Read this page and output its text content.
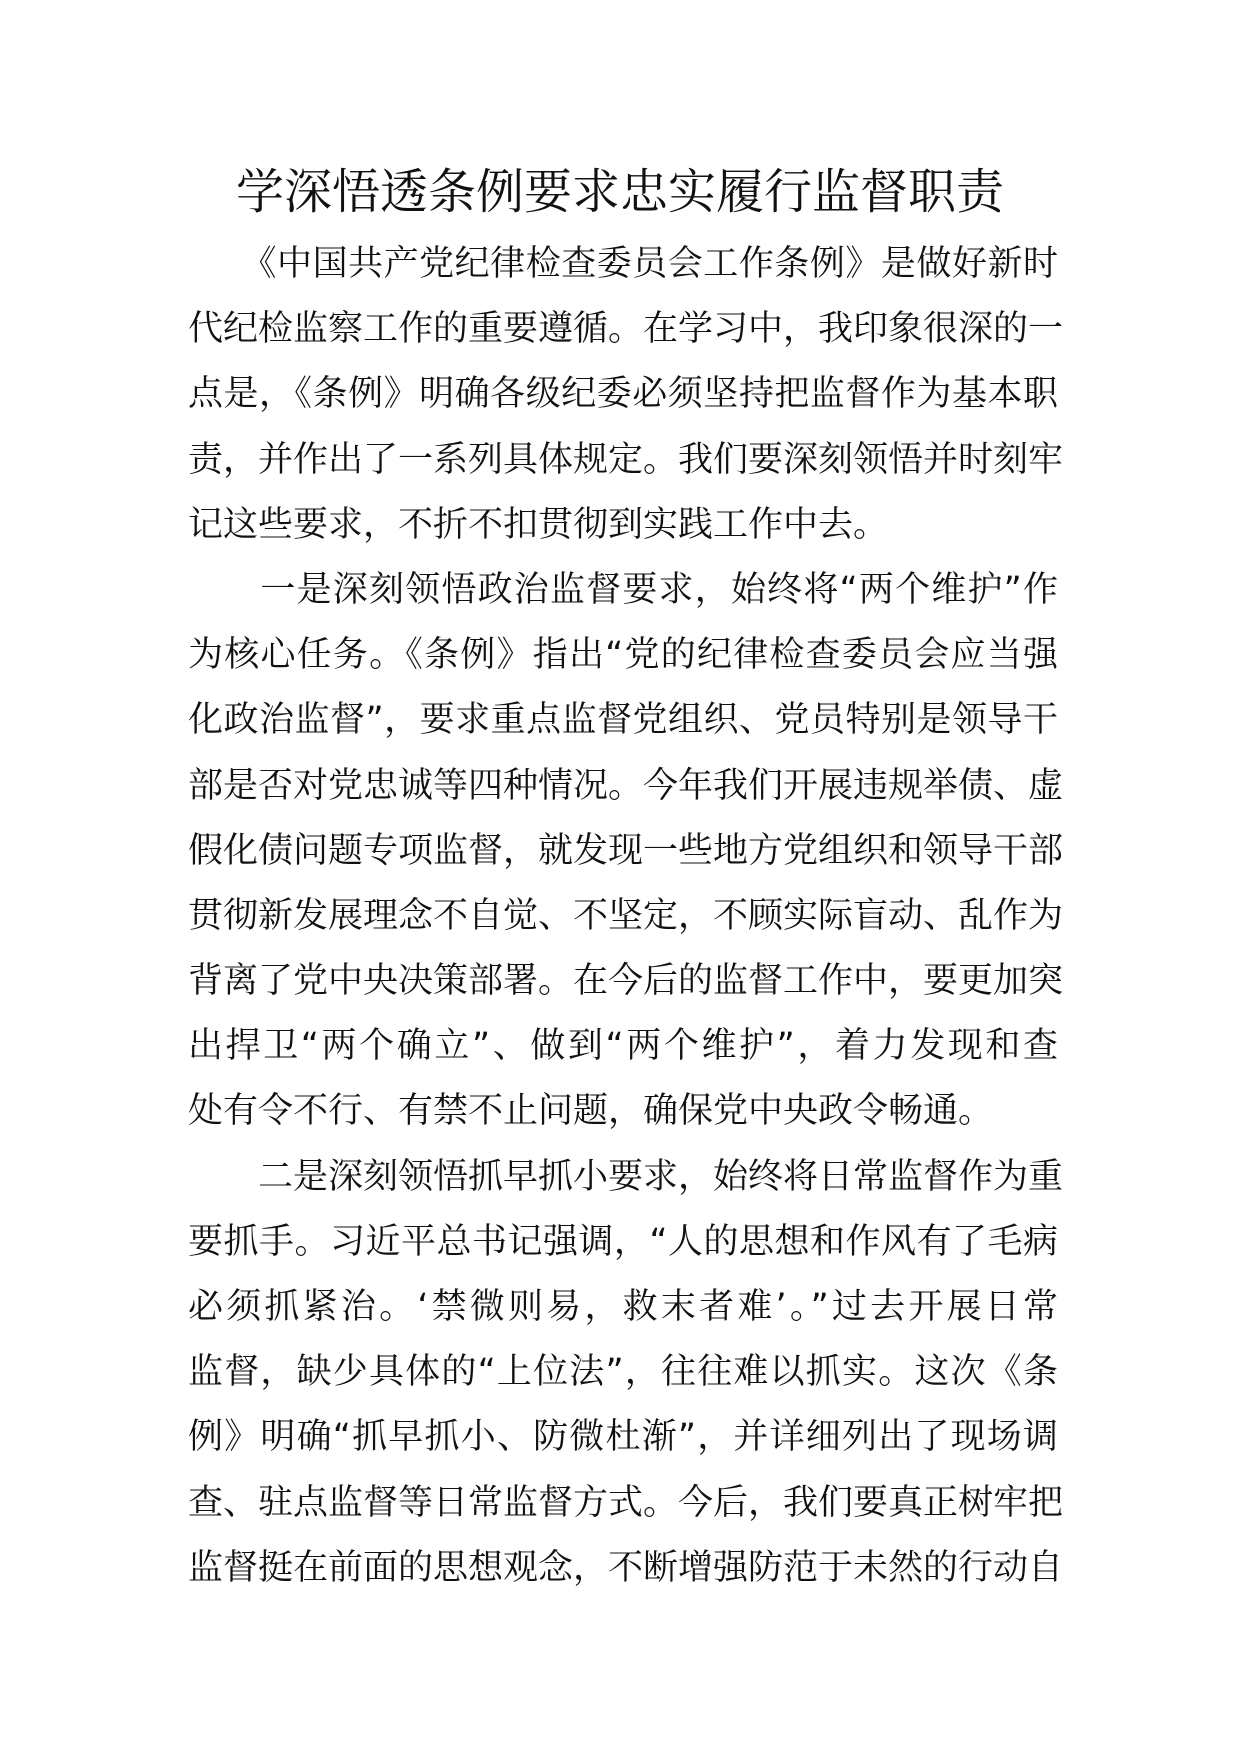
学深悟透条例要求忠实履行监督职责
　　《中国共产党纪律检查委员会工作条例》是做好新时
代纪检监察工作的重要遵循。在学习中，我印象很深的一
点是，《条例》明确各级纪委必须坚持把监督作为基本职
责，并作出了一系列具体规定。我们要深刻领悟并时刻牢
记这些要求，不折不扣贯彻到实践工作中去。
　　一是深刻领悟政治监督要求，始终将“两个维护”作
为核心任务。《条例》指出“党的纪律检查委员会应当强
化政治监督”，要求重点监督党组织、党员特别是领导干
部是否对党忠诚等四种情况。今年我们开展违规举债、虚
假化债问题专项监督，就发现一些地方党组织和领导干部
贯彻新发展理念不自觉、不坚定，不顾实际盲动、乱作为
背离了党中央决策部署。在今后的监督工作中，要更加突
出捍卫“两个确立”、做到“两个维护”，着力发现和查
处有令不行、有禁不止问题，确保党中央政令畅通。
　　二是深刻领悟抓早抓小要求，始终将日常监督作为重
要抓手。习近平总书记强调，“人的思想和作风有了毛病
必须抓紧治。‘禁微则易，救末者难’。”过去开展日常
监督，缺少具体的“上位法”，往往难以抓实。这次《条
例》明确“抓早抓小、防微杜渐”，并详细列出了现场调
查、驻点监督等日常监督方式。今后，我们要真正树牢把
监督挺在前面的思想观念，不断增强防范于未然的行动自
